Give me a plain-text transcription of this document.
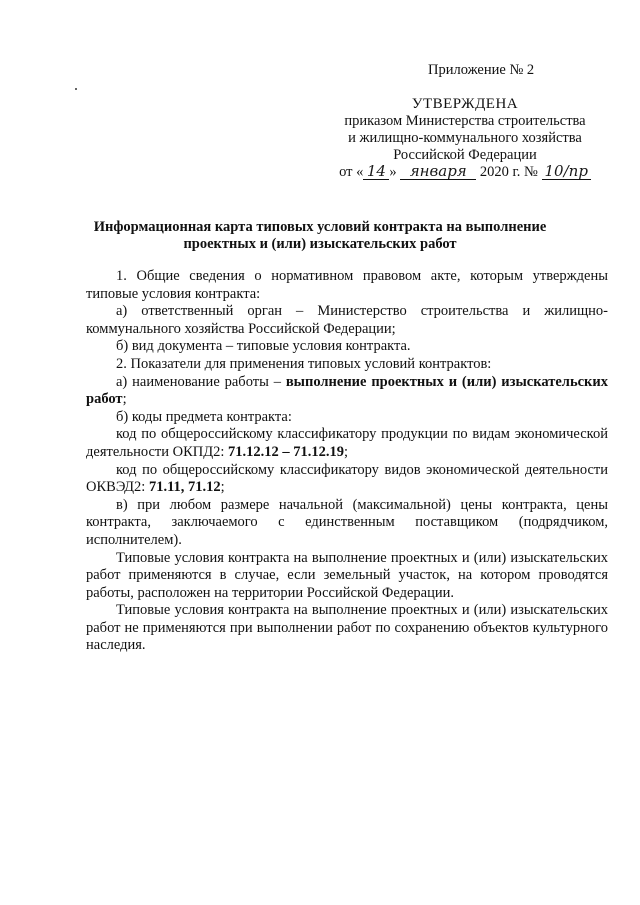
Приложение № 2
УТВЕРЖДЕНА
приказом Министерства строительства
и жилищно-коммунального хозяйства
Российской Федерации
от « 14 » января 2020 г. № 10/пр
Информационная карта типовых условий контракта на выполнение
проектных и (или) изыскательских работ

1. Общие сведения о нормативном правовом акте, которым утверждены типовые условия контракта:

а) ответственный орган – Министерство строительства и жилищно-коммунального хозяйства Российской Федерации;

б) вид документа – типовые условия контракта.

2. Показатели для применения типовых условий контрактов:

а) наименование работы – выполнение проектных и (или) изыскательских работ;

б) коды предмета контракта:

код по общероссийскому классификатору продукции по видам экономической деятельности ОКПД2: 71.12.12 – 71.12.19;

код по общероссийскому классификатору видов экономической деятельности ОКВЭД2: 71.11, 71.12;

в) при любом размере начальной (максимальной) цены контракта, цены контракта, заключаемого с единственным поставщиком (подрядчиком, исполнителем).

Типовые условия контракта на выполнение проектных и (или) изыскательских работ применяются в случае, если земельный участок, на котором проводятся работы, расположен на территории Российской Федерации.

Типовые условия контракта на выполнение проектных и (или) изыскательских работ не применяются при выполнении работ по сохранению объектов культурного наследия.
